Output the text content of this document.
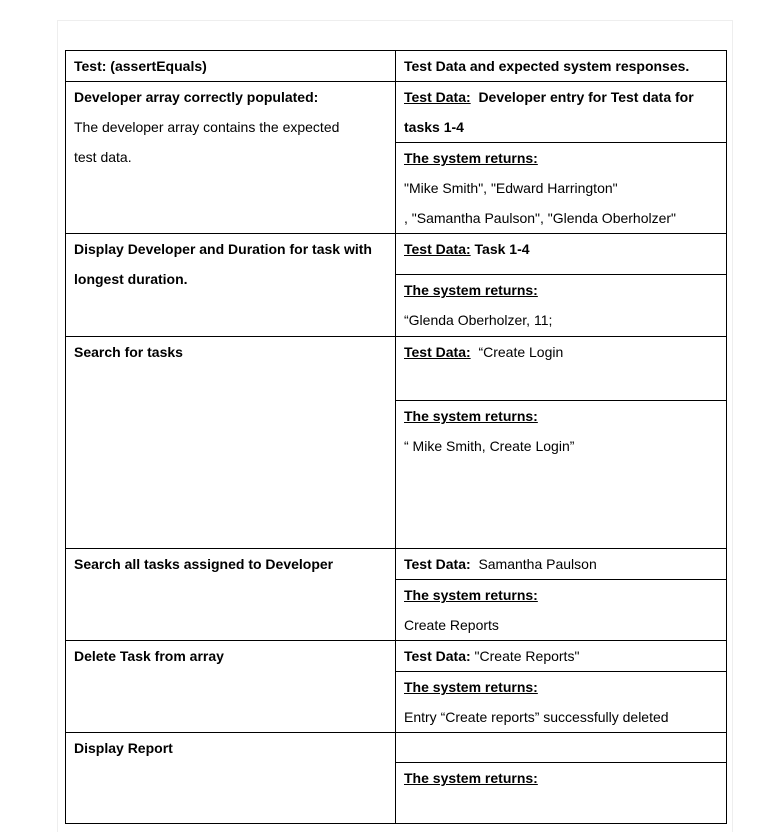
Test: (assertEquals)	Test Data and expected system responses.

Developer array correctly populated:
The developer array contains the expected
test data.	Test Data: Developer entry for Test data for
tasks 1-4

	The system returns:
"Mike Smith", "Edward Harrington"
, "Samantha Paulson", "Glenda Oberholzer"

Display Developer and Duration for task with
longest duration.	Test Data: Task 1-4

	The system returns:
“Glenda Oberholzer, 11;

Search for tasks	Test Data: “Create Login

	The system returns:
“ Mike Smith, Create Login”

Search all tasks assigned to Developer	Test Data: Samantha Paulson

	The system returns:
Create Reports

Delete Task from array	Test Data: "Create Reports"

	The system returns:
Entry “Create reports” successfully deleted

Display Report	

	The system returns:
